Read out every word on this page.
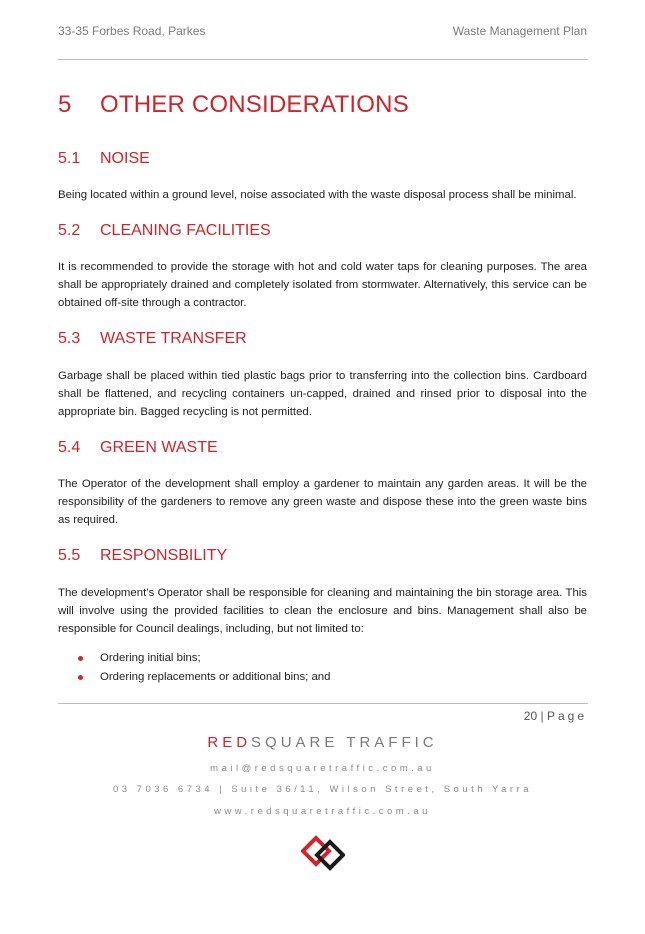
33-35 Forbes Road, Parkes	Waste Management Plan
5 OTHER CONSIDERATIONS
5.1 NOISE
Being located within a ground level, noise associated with the waste disposal process shall be minimal.
5.2 CLEANING FACILITIES
It is recommended to provide the storage with hot and cold water taps for cleaning purposes. The area shall be appropriately drained and completely isolated from stormwater. Alternatively, this service can be obtained off-site through a contractor.
5.3 WASTE TRANSFER
Garbage shall be placed within tied plastic bags prior to transferring into the collection bins. Cardboard shall be flattened, and recycling containers un-capped, drained and rinsed prior to disposal into the appropriate bin. Bagged recycling is not permitted.
5.4 GREEN WASTE
The Operator of the development shall employ a gardener to maintain any garden areas. It will be the responsibility of the gardeners to remove any green waste and dispose these into the green waste bins as required.
5.5 RESPONSBILITY
The development’s Operator shall be responsible for cleaning and maintaining the bin storage area. This will involve using the provided facilities to clean the enclosure and bins. Management shall also be responsible for Council dealings, including, but not limited to:
Ordering initial bins;
Ordering replacements or additional bins; and
20 | Page
REDSQUARE TRAFFIC
mail@redsquaretraffic.com.au
03 7036 6734 | Suite 36/11, Wilson Street, South Yarra
www.redsquaretraffic.com.au
